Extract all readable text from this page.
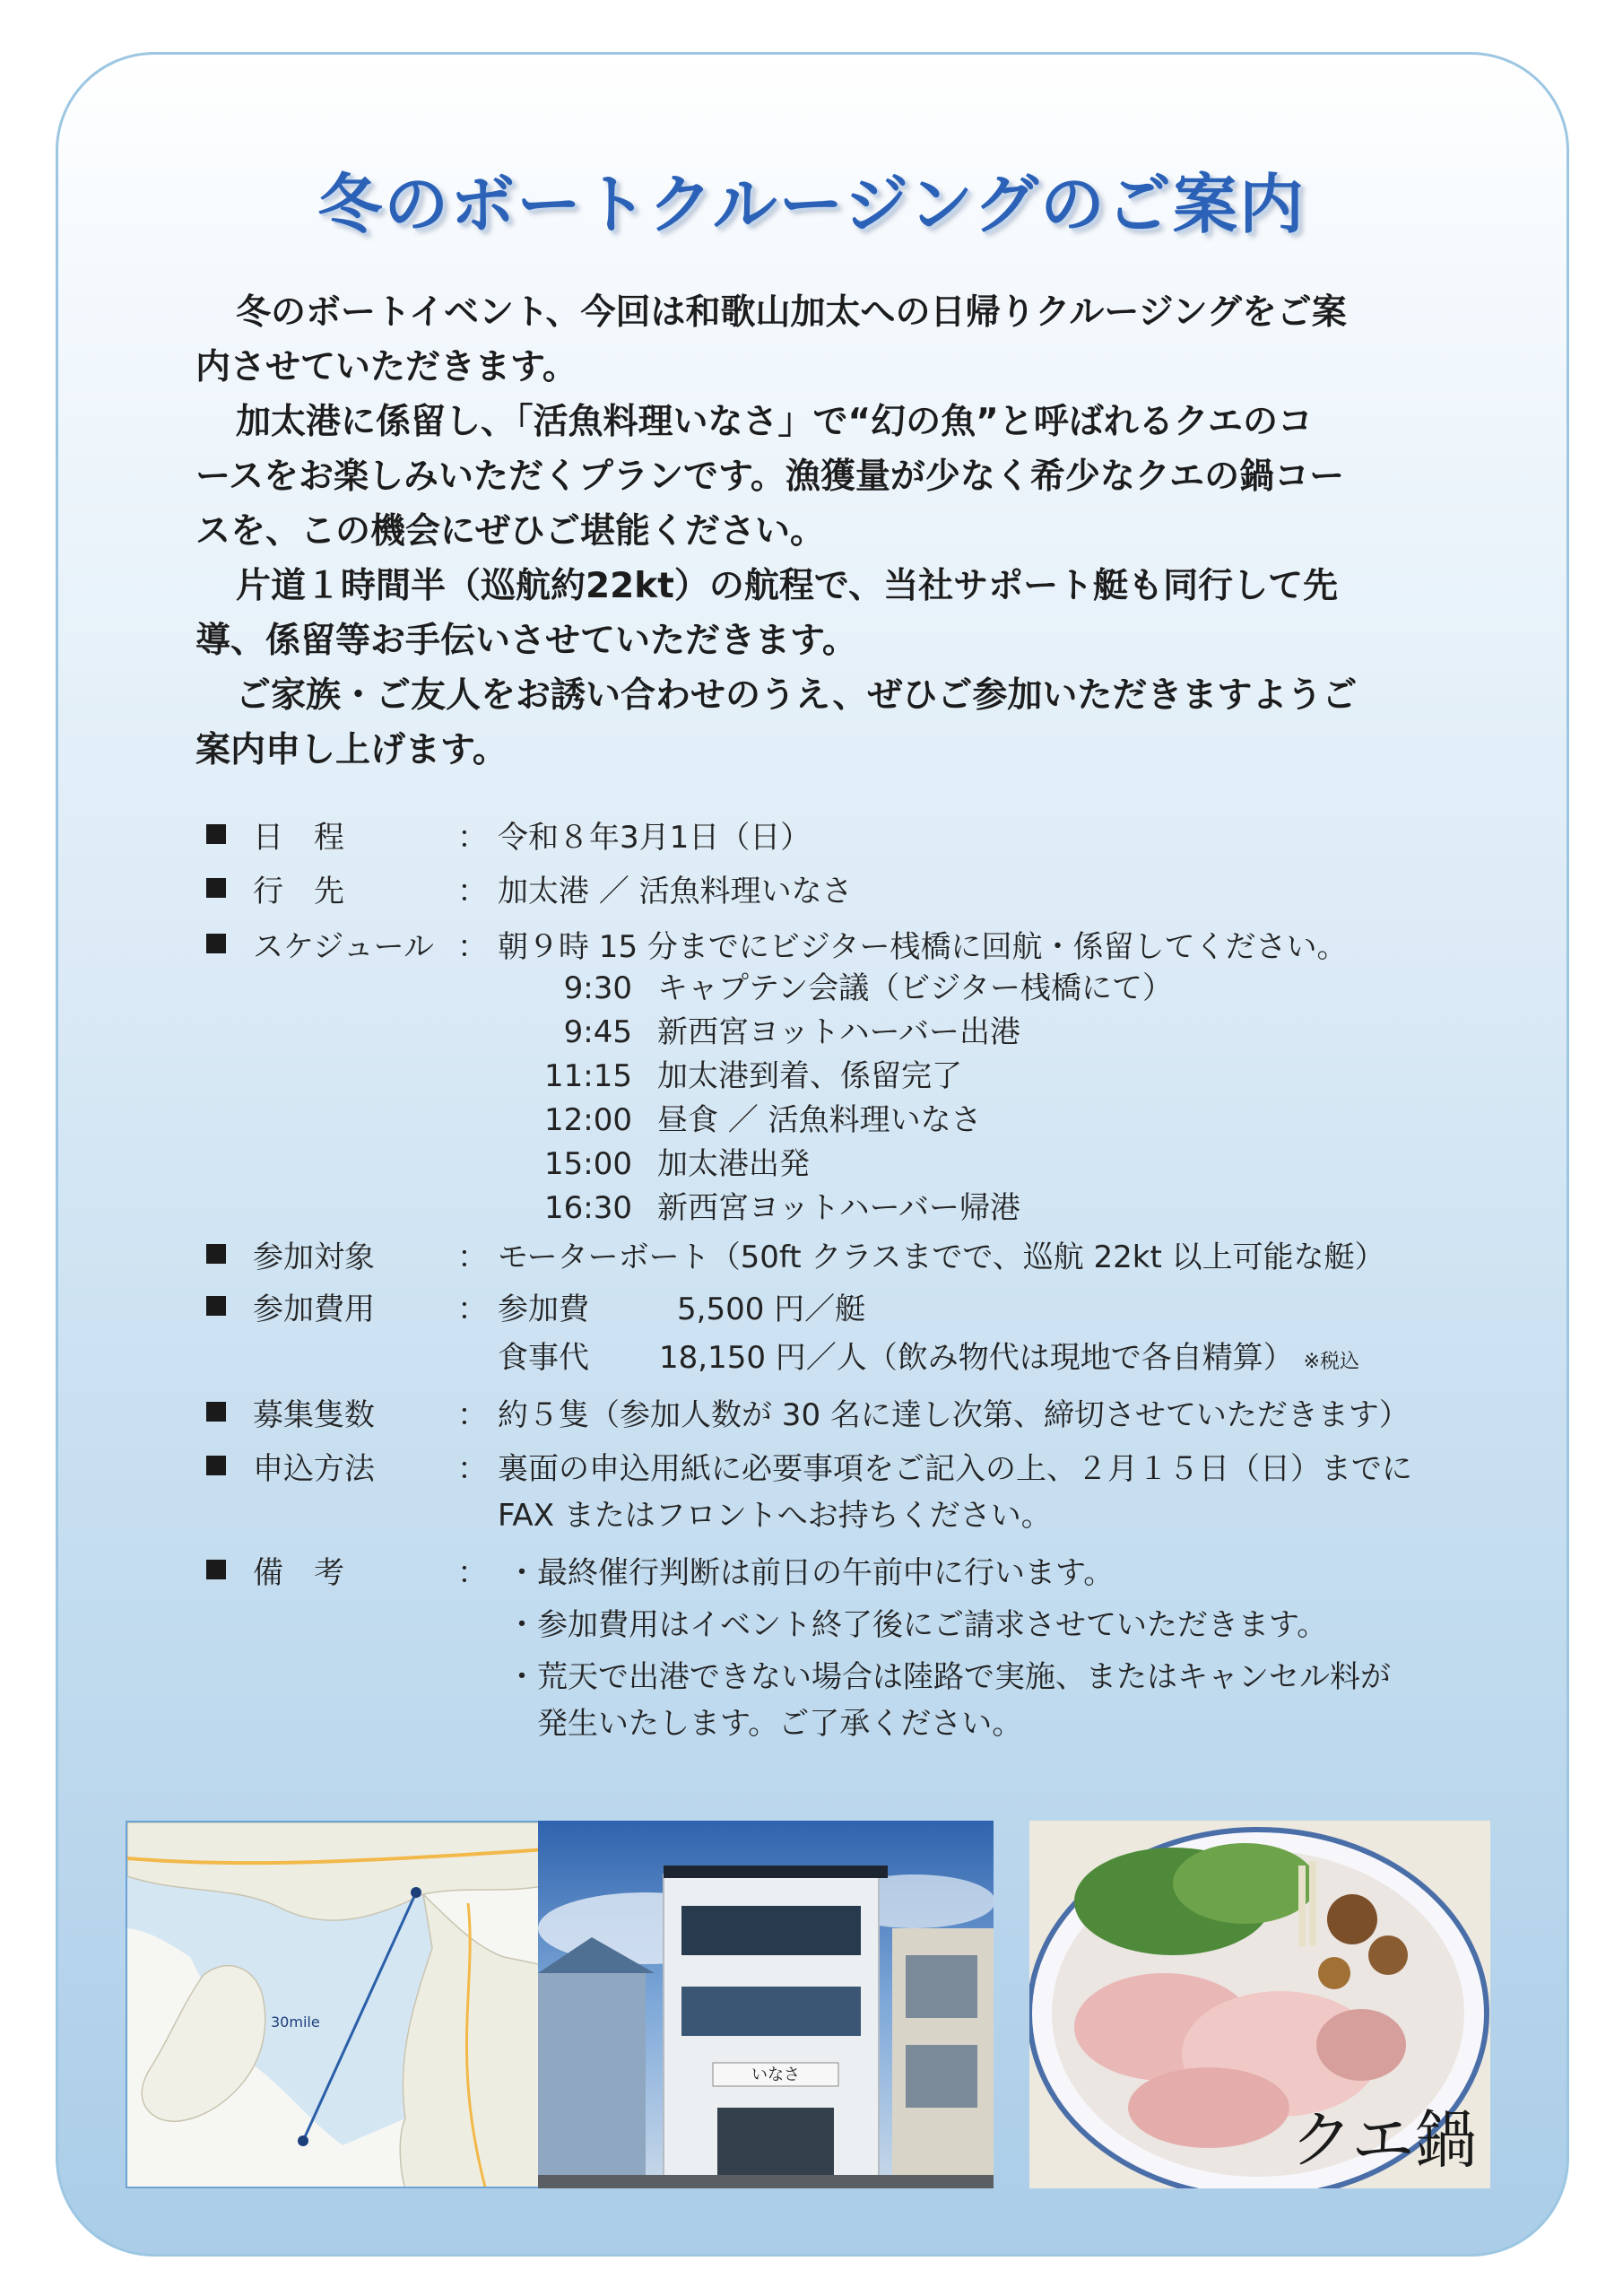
冬のボートクルージングのご案内

冬のボートイベント、今回は和歌山加太への日帰りクルージングをご案
内させていただきます。

加太港に係留し、「活魚料理いなさ」で“幻の魚”と呼ばれるクエのコ
ースをお楽しみいただくプランです。漁獲量が少なく希少なクエの鍋コー
スを、この機会にぜひご堪能ください。

片道１時間半（巡航約22kt）の航程で、当社サポート艇も同行して先
導、係留等お手伝いさせていただきます。

ご家族・ご友人をお誘い合わせのうえ、ぜひご参加いただきますようご
案内申し上げます。

日　程	： 令和８年3月1日（日）
行　先	： 加太港 ／ 活魚料理いなさ
スケジュール ： 朝９時 15 分までにビジター桟橋に回航・係留してください。
9:30 キャプテン会議（ビジター桟橋にて）
9:45 新西宮ヨットハーバー出港
11:15 加太港到着、係留完了
12:00 昼食 ／ 活魚料理いなさ
15:00 加太港出発
16:30 新西宮ヨットハーバー帰港
参加対象	： モーターボート（50ft クラスまでで、巡航 22kt 以上可能な艇）
参加費用	： 参加費	5,500 円／艇
食事代 18,150 円／人（飲み物代は現地で各自精算） ※税込
募集隻数	： 約５隻（参加人数が 30 名に達し次第、締切させていただきます）
申込方法	： 裏面の申込用紙に必要事項をご記入の上、２月１５日（日）までに
FAX またはフロントへお持ちください。
備　考	： ・最終催行判断は前日の午前中に行います。
・参加費用はイベント終了後にご請求させていただきます。
・荒天で出港できない場合は陸路で実施、またはキャンセル料が
　発生いたします。ご了承ください。
30mile
いなさ
クエ鍋
